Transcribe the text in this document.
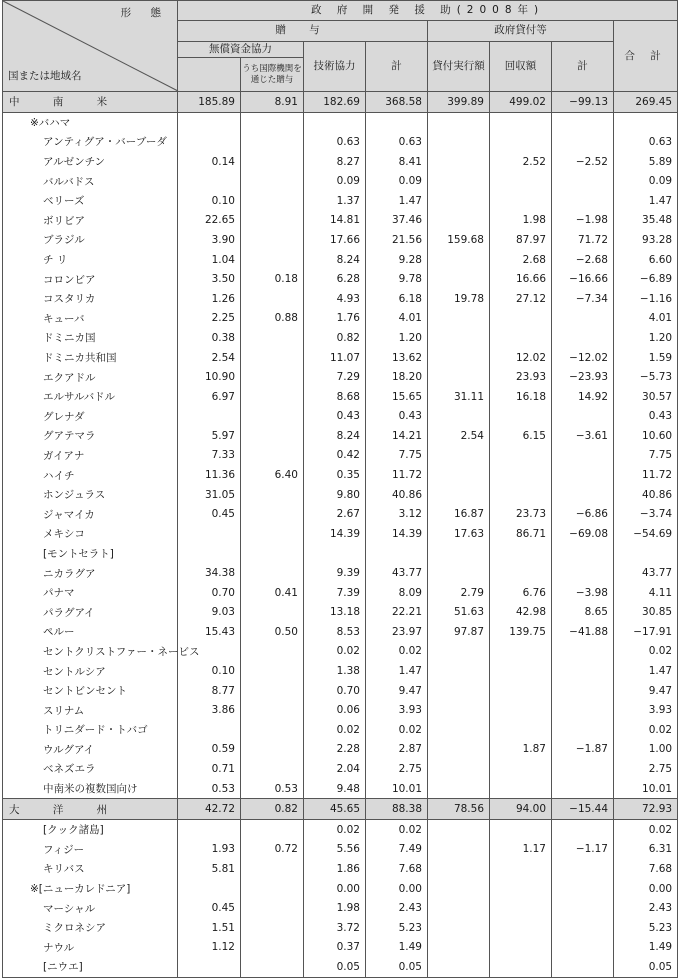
形 態
国または地域名	政 府 開 発 援 助(2008年)							
	贈 与				政府貸付等			合 計
	無償資金協力		技術協力	計	貸付実行額	回収額	計	
		うち国際機関を通じた贈与						
中 南 米	185.89	8.91	182.69	368.58	399.89	499.02	−99.13	269.45
※バハマ								
アンティグア・バーブーダ			0.63	0.63				0.63
アルゼンチン	0.14		8.27	8.41		2.52	−2.52	5.89
バルバドス			0.09	0.09				0.09
ベリーズ	0.10		1.37	1.47				1.47
ボリビア	22.65		14.81	37.46		1.98	−1.98	35.48
ブラジル	3.90		17.66	21.56	159.68	87.97	71.72	93.28
チ リ	1.04		8.24	9.28		2.68	−2.68	6.60
コロンビア	3.50	0.18	6.28	9.78		16.66	−16.66	−6.89
コスタリカ	1.26		4.93	6.18	19.78	27.12	−7.34	−1.16
キューバ	2.25	0.88	1.76	4.01				4.01
ドミニカ国	0.38		0.82	1.20				1.20
ドミニカ共和国	2.54		11.07	13.62		12.02	−12.02	1.59
エクアドル	10.90		7.29	18.20		23.93	−23.93	−5.73
エルサルバドル	6.97		8.68	15.65	31.11	16.18	14.92	30.57
グレナダ			0.43	0.43				0.43
グアテマラ	5.97		8.24	14.21	2.54	6.15	−3.61	10.60
ガイアナ	7.33		0.42	7.75				7.75
ハイチ	11.36	6.40	0.35	11.72				11.72
ホンジュラス	31.05		9.80	40.86				40.86
ジャマイカ	0.45		2.67	3.12	16.87	23.73	−6.86	−3.74
メキシコ			14.39	14.39	17.63	86.71	−69.08	−54.69
[モントセラト]								
ニカラグア	34.38		9.39	43.77				43.77
パナマ	0.70	0.41	7.39	8.09	2.79	6.76	−3.98	4.11
パラグアイ	9.03		13.18	22.21	51.63	42.98	8.65	30.85
ペルー	15.43	0.50	8.53	23.97	97.87	139.75	−41.88	−17.91
セントクリストファー・ネービス			0.02	0.02				0.02
セントルシア	0.10		1.38	1.47				1.47
セントビンセント	8.77		0.70	9.47				9.47
スリナム	3.86		0.06	3.93				3.93
トリニダード・トバゴ			0.02	0.02				0.02
ウルグアイ	0.59		2.28	2.87		1.87	−1.87	1.00
ベネズエラ	0.71		2.04	2.75				2.75
中南米の複数国向け	0.53	0.53	9.48	10.01				10.01
大 洋 州	42.72	0.82	45.65	88.38	78.56	94.00	−15.44	72.93
[クック諸島]			0.02	0.02				0.02
フィジー	1.93	0.72	5.56	7.49		1.17	−1.17	6.31
キリバス	5.81		1.86	7.68				7.68
※[ニューカレドニア]			0.00	0.00				0.00
マーシャル	0.45		1.98	2.43				2.43
ミクロネシア	1.51		3.72	5.23				5.23
ナウル	1.12		0.37	1.49				1.49
[ニウエ]			0.05	0.05				0.05
